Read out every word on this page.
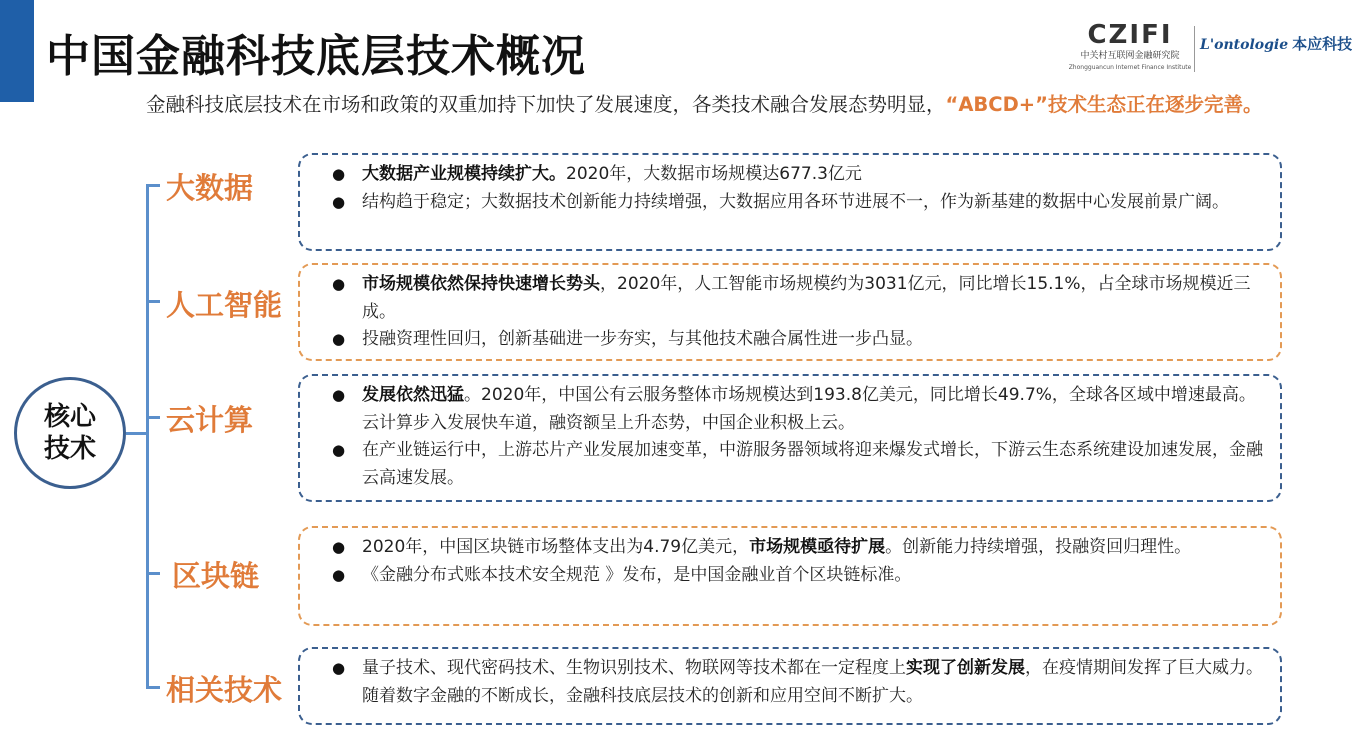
中国金融科技底层技术概况	CZIFI
中关村互联网金融研究院
Zhongguancun Internet Finance Institute
L'ontologie 本应科技
金融科技底层技术在市场和政策的双重加持下加快了发展速度，各类技术融合发展态势明显，“ABCD+”技术生态正在逐步完善。
核心技术
大数据
人工智能
云计算
区块链
相关技术
● 大数据产业规模持续扩大。2020年，大数据市场规模达677.3亿元
● 结构趋于稳定；大数据技术创新能力持续增强，大数据应用各环节进展不一，作为新基建的数据中心发展前景广阔。
● 市场规模依然保持快速增长势头，2020年，人工智能市场规模约为3031亿元，同比增长15.1%，占全球市场规模近三成。
● 投融资理性回归，创新基础进一步夯实，与其他技术融合属性进一步凸显。
● 发展依然迅猛。2020年，中国公有云服务整体市场规模达到193.8亿美元，同比增长49.7%，全球各区域中增速最高。云计算步入发展快车道，融资额呈上升态势，中国企业积极上云。
● 在产业链运行中，上游芯片产业发展加速变革，中游服务器领域将迎来爆发式增长，下游云生态系统建设加速发展，金融云高速发展。
● 2020年，中国区块链市场整体支出为4.79亿美元，市场规模亟待扩展。创新能力持续增强，投融资回归理性。
● 《金融分布式账本技术安全规范 》发布，是中国金融业首个区块链标准。
● 量子技术、现代密码技术、生物识别技术、物联网等技术都在一定程度上实现了创新发展，在疫情期间发挥了巨大威力。随着数字金融的不断成长，金融科技底层技术的创新和应用空间不断扩大。
